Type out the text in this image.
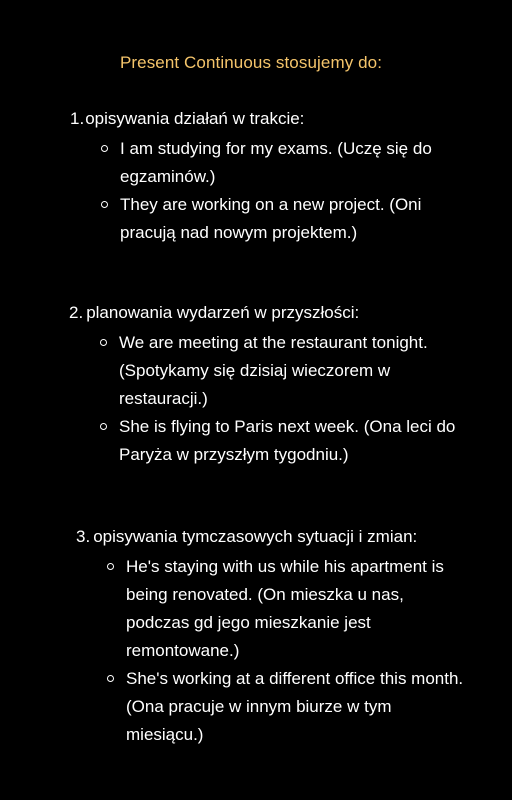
Present Continuous stosujemy do:
1.opisywania działań w trakcie:
I am studying for my exams. (Uczę się do egzaminów.)
They are working on a new project. (Oni pracują nad nowym projektem.)
2. planowania wydarzeń w przyszłości:
We are meeting at the restaurant tonight. (Spotykamy się dzisiaj wieczorem w restauracji.)
She is flying to Paris next week. (Ona leci do Paryża w przyszłym tygodniu.)
3. opisywania tymczasowych sytuacji i zmian:
He's staying with us while his apartment is being renovated. (On mieszka u nas, podczas gd jego mieszkanie jest remontowane.)
She's working at a different office this month. (Ona pracuje w innym biurze w tym miesiącu.)
